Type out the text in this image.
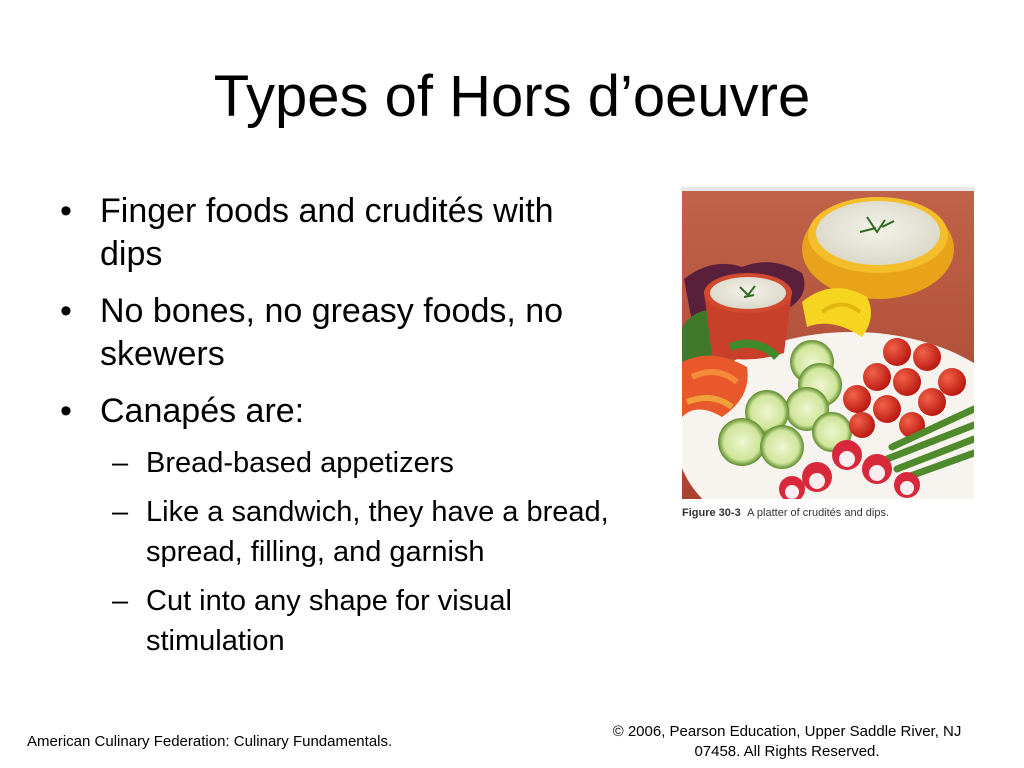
Types of Hors d’oeuvre
• Finger foods and crudités with dips
• No bones, no greasy foods, no skewers
• Canapés are:
– Bread-based appetizers
– Like a sandwich, they have a bread, spread, filling, and garnish
– Cut into any shape for visual stimulation
Figure 30-3 A platter of crudités and dips.
American Culinary Federation: Culinary Fundamentals.
© 2006, Pearson Education, Upper Saddle River, NJ
07458. All Rights Reserved.
